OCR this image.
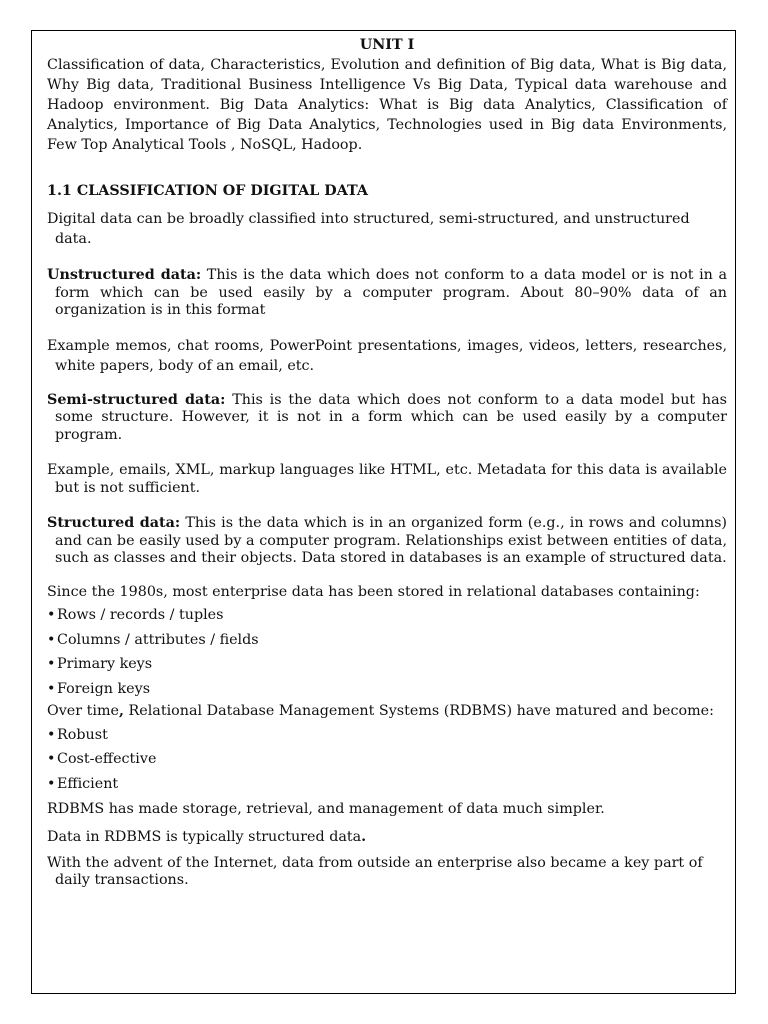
UNIT I

Classification of data, Characteristics, Evolution and definition of Big data, What is Big data, Why Big data, Traditional Business Intelligence Vs Big Data, Typical data warehouse and Hadoop environment. Big Data Analytics: What is Big data Analytics, Classification of Analytics, Importance of Big Data Analytics, Technologies used in Big data Environments, Few Top Analytical Tools , NoSQL, Hadoop.

1.1 CLASSIFICATION OF DIGITAL DATA

Digital data can be broadly classified into structured, semi-structured, and unstructured data.

Unstructured data: This is the data which does not conform to a data model or is not in a form which can be used easily by a computer program. About 80–90% data of an organization is in this format

Example memos, chat rooms, PowerPoint presentations, images, videos, letters, researches, white papers, body of an email, etc.

Semi-structured data: This is the data which does not conform to a data model but has some structure. However, it is not in a form which can be used easily by a computer program.

Example, emails, XML, markup languages like HTML, etc. Metadata for this data is available but is not sufficient.

Structured data: This is the data which is in an organized form (e.g., in rows and columns) and can be easily used by a computer program. Relationships exist between entities of data, such as classes and their objects. Data stored in databases is an example of structured data.

Since the 1980s, most enterprise data has been stored in relational databases containing:

• Rows / records / tuples
• Columns / attributes / fields
• Primary keys
• Foreign keys

Over time, Relational Database Management Systems (RDBMS) have matured and become:

• Robust
• Cost-effective
• Efficient

RDBMS has made storage, retrieval, and management of data much simpler.

Data in RDBMS is typically structured data.

With the advent of the Internet, data from outside an enterprise also became a key part of daily transactions.
